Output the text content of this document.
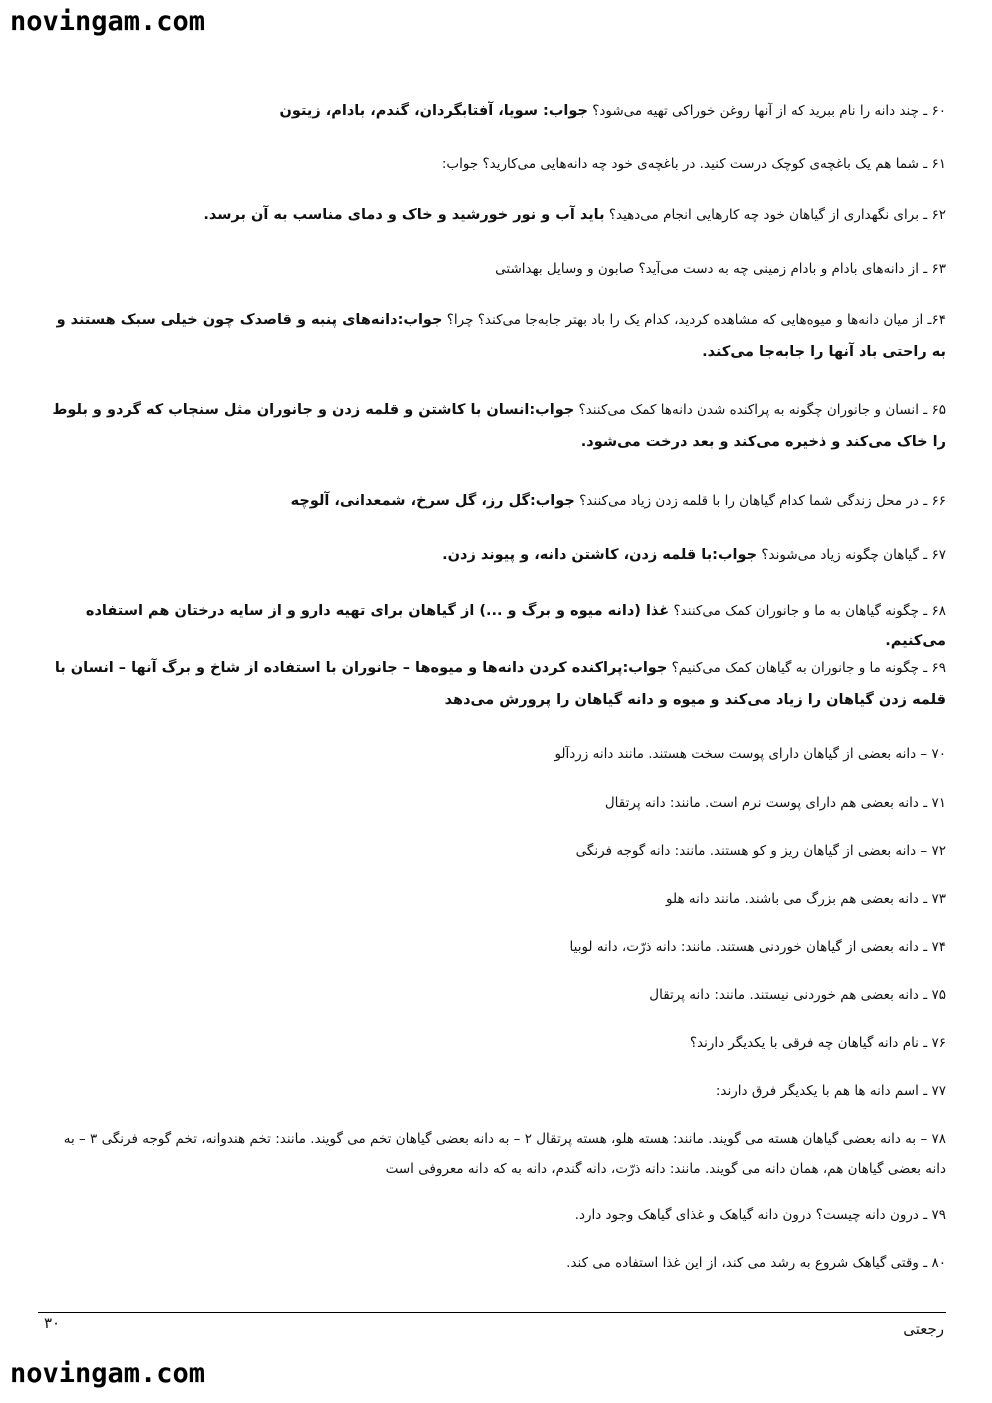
novingam.com

۶۰ ـ چند دانه را نام ببرید که از آنها روغن خوراکی تهیه می‌شود؟ جواب: سویا، آفتابگردان، گندم، بادام، زیتون

۶۱ ـ شما هم یک باغچه‌ی کوچک درست کنید. در باغچه‌ی خود چه دانه‌هایی می‌کارید؟ جواب:

۶۲ ـ برای نگهداری از گیاهان خود چه کارهایی انجام می‌دهید؟ باید آب و نور خورشید و خاک و دمای مناسب به آن برسد.

۶۳ ـ از دانه‌های بادام و بادام زمینی چه به دست می‌آید؟ صابون و وسایل بهداشتی

۶۴ـ از میان دانه‌ها و میوه‌هایی که مشاهده کردید، کدام یک را باد بهتر جابه‌جا می‌کند؟ چرا؟ جواب:دانه‌های پنبه و قاصدک چون خیلی سبک هستند و به راحتی باد آنها را جابه‌جا می‌کند.

۶۵ ـ انسان و جانوران چگونه به پراکنده شدن دانه‌ها کمک می‌کنند؟ جواب:انسان با کاشتن و قلمه زدن و جانوران مثل سنجاب که گردو و بلوط را خاک می‌کند و ذخیره می‌کند و بعد درخت می‌شود.

۶۶ ـ در محل زندگی شما کدام گیاهان را با قلمه زدن زیاد می‌کنند؟ جواب:گل رز، گل سرخ، شمعدانی، آلوچه

۶۷ ـ گیاهان چگونه زیاد می‌شوند؟ جواب:با قلمه زدن، کاشتن دانه، و پیوند زدن.

۶۸ ـ چگونه گیاهان به ما و جانوران کمک می‌کنند؟ غذا (دانه میوه و برگ و ...) از گیاهان برای تهیه دارو و از سایه درختان هم استفاده می‌کنیم.

۶۹ ـ چگونه ما و جانوران به گیاهان کمک می‌کنیم؟ جواب:پراکنده کردن دانه‌ها و میوه‌ها – جانوران با استفاده از شاخ و برگ آنها – انسان با قلمه زدن گیاهان را زیاد می‌کند و میوه و دانه گیاهان را پرورش می‌دهد

۷۰ – دانه بعضی از گیاهان دارای پوست سخت هستند. مانند دانه زردآلو

۷۱ ـ دانه بعضی هم دارای پوست نرم است. مانند: دانه پرتقال

۷۲ – دانه بعضی از گیاهان ریز و کو هستند. مانند: دانه گوجه فرنگی

۷۳ ـ دانه بعضی هم بزرگ می باشند. مانند دانه هلو

۷۴ ـ دانه بعضی از گیاهان خوردنی هستند. مانند: دانه ذرّت، دانه لوبیا

۷۵ ـ دانه بعضی هم خوردنی نیستند. مانند: دانه پرتقال

۷۶ ـ نام دانه گیاهان چه فرقی با یکدیگر دارند؟

۷۷ ـ اسم دانه ها هم با یکدیگر فرق دارند:

۷۸ – به دانه بعضی گیاهان هسته می گویند. مانند: هسته هلو، هسته پرتقال ۲ – به دانه بعضی گیاهان تخم می گویند. مانند: تخم هندوانه، تخم گوجه فرنگی ۳ – به دانه بعضی گیاهان هم، همان دانه می گویند. مانند: دانه ذرّت، دانه گندم، دانه به که دانه معروفی است

۷۹ ـ درون دانه چیست؟ درون دانه گیاهک و غذای گیاهک وجود دارد.

۸۰ ـ وقتی گیاهک شروع به رشد می کند، از این غذا استفاده می کند.

۳۰	رجعتی
novingam.com
